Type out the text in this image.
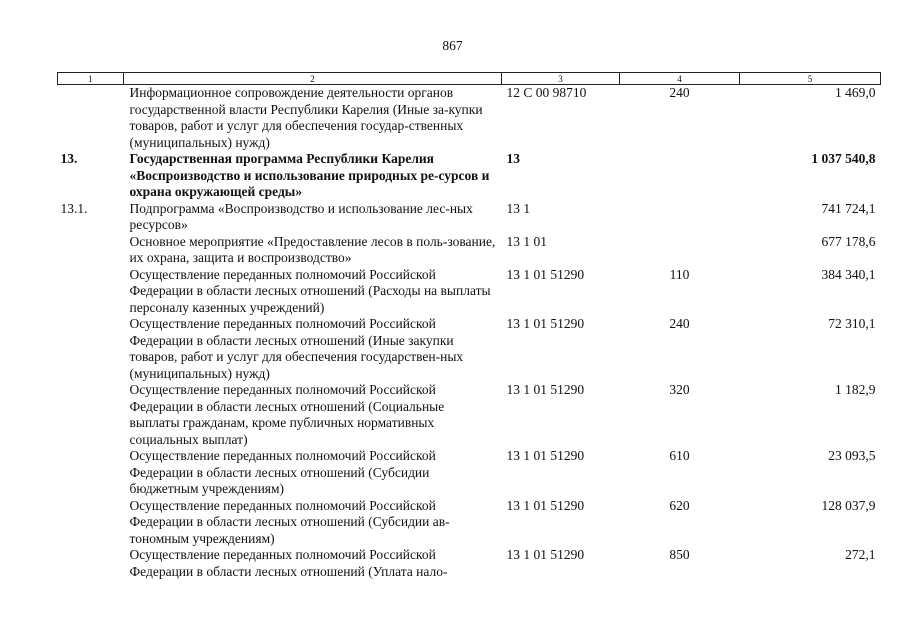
867
1	2	3	4	5
	Информационное сопровождение деятельности органов государственной власти Республики Карелия (Иные за-купки товаров, работ и услуг для обеспечения государ-ственных (муниципальных) нужд)	12 С 00 98710	240	1 469,0
13.	Государственная программа Республики Карелия «Воспроизводство и использование природных ре-сурсов и охрана окружающей среды»	13		1 037 540,8
13.1.	Подпрограмма «Воспроизводство и использование лес-ных ресурсов»	13 1		741 724,1
	Основное мероприятие «Предоставление лесов в поль-зование, их охрана, защита и воспроизводство»	13 1 01		677 178,6
	Осуществление переданных полномочий Российской Федерации в области лесных отношений (Расходы на выплаты персоналу казенных учреждений)	13 1 01 51290	110	384 340,1
	Осуществление переданных полномочий Российской Федерации в области лесных отношений (Иные закупки товаров, работ и услуг для обеспечения государствен-ных (муниципальных) нужд)	13 1 01 51290	240	72 310,1
	Осуществление переданных полномочий Российской Федерации в области лесных отношений (Социальные выплаты гражданам, кроме публичных нормативных социальных выплат)	13 1 01 51290	320	1 182,9
	Осуществление переданных полномочий Российской Федерации в области лесных отношений (Субсидии бюджетным учреждениям)	13 1 01 51290	610	23 093,5
	Осуществление переданных полномочий Российской Федерации в области лесных отношений (Субсидии ав-тономным учреждениям)	13 1 01 51290	620	128 037,9
	Осуществление переданных полномочий Российской Федерации в области лесных отношений (Уплата нало-	13 1 01 51290	850	272,1
